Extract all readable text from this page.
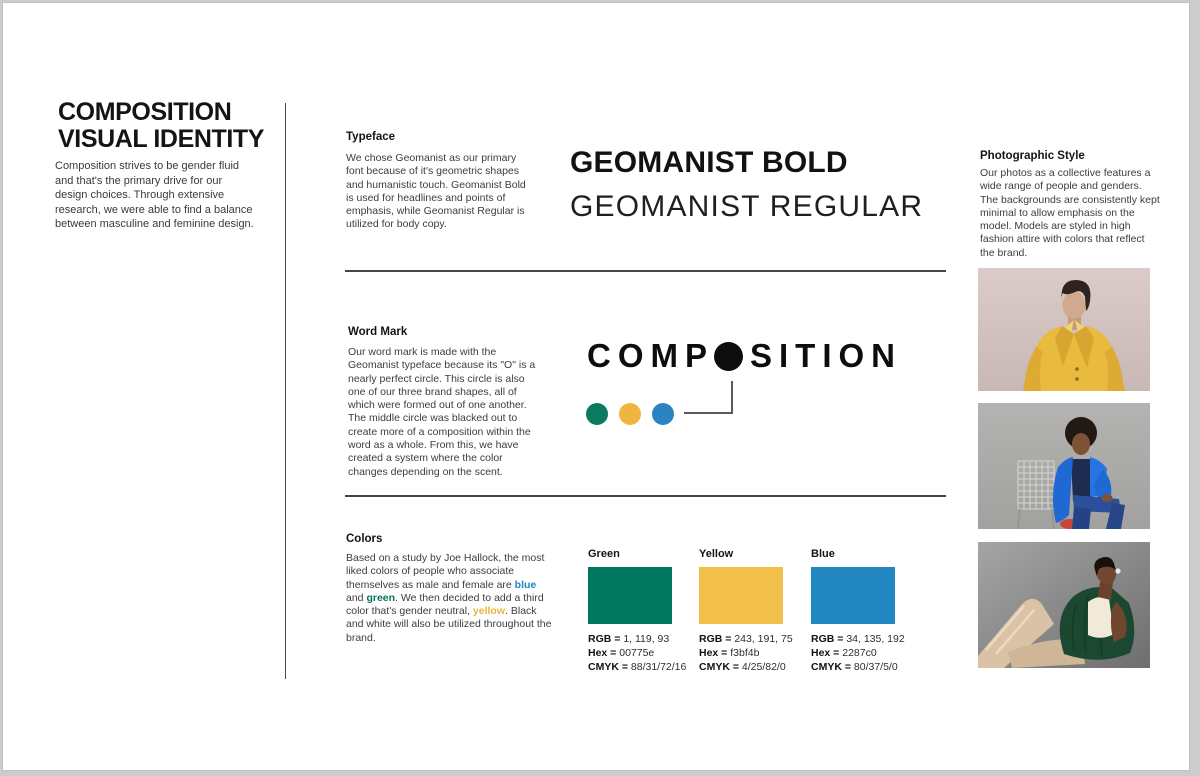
COMPOSITION
VISUAL IDENTITY
Composition strives to be gender fluid and that's the primary drive for our design choices. Through extensive research, we were able to find a balance between masculine and feminine design.
Typeface
We chose Geomanist as our primary font because of it's geometric shapes and humanistic touch. Geomanist Bold is used for headlines and points of emphasis, while Geomanist Regular is utilized for body copy.
GEOMANIST BOLD
GEOMANIST REGULAR
Word Mark
Our word mark is made with the Geomanist typeface because its "O" is a nearly perfect circle. This circle is also one of our three brand shapes, all of which were formed out of one another. The middle circle was blacked out to create more of a composition within the word as a whole. From this, we have created a system where the color changes depending on the scent.
COMP SITION
Colors
Based on a study by Joe Hallock, the most liked colors of people who associate themselves as male and female are blue and green. We then decided to add a third color that's gender neutral, yellow. Black and white will also be utilized throughout the brand.
Green
RGB = 1, 119, 93
Hex = 00775e
CMYK = 88/31/72/16
Yellow
RGB = 243, 191, 75
Hex = f3bf4b
CMYK = 4/25/82/0
Blue
RGB = 34, 135, 192
Hex = 2287c0
CMYK = 80/37/5/0
Photographic Style
Our photos as a collective features a wide range of people and genders. The backgrounds are consistently kept minimal to allow emphasis on the model. Models are styled in high fashion attire with colors that reflect the brand.
